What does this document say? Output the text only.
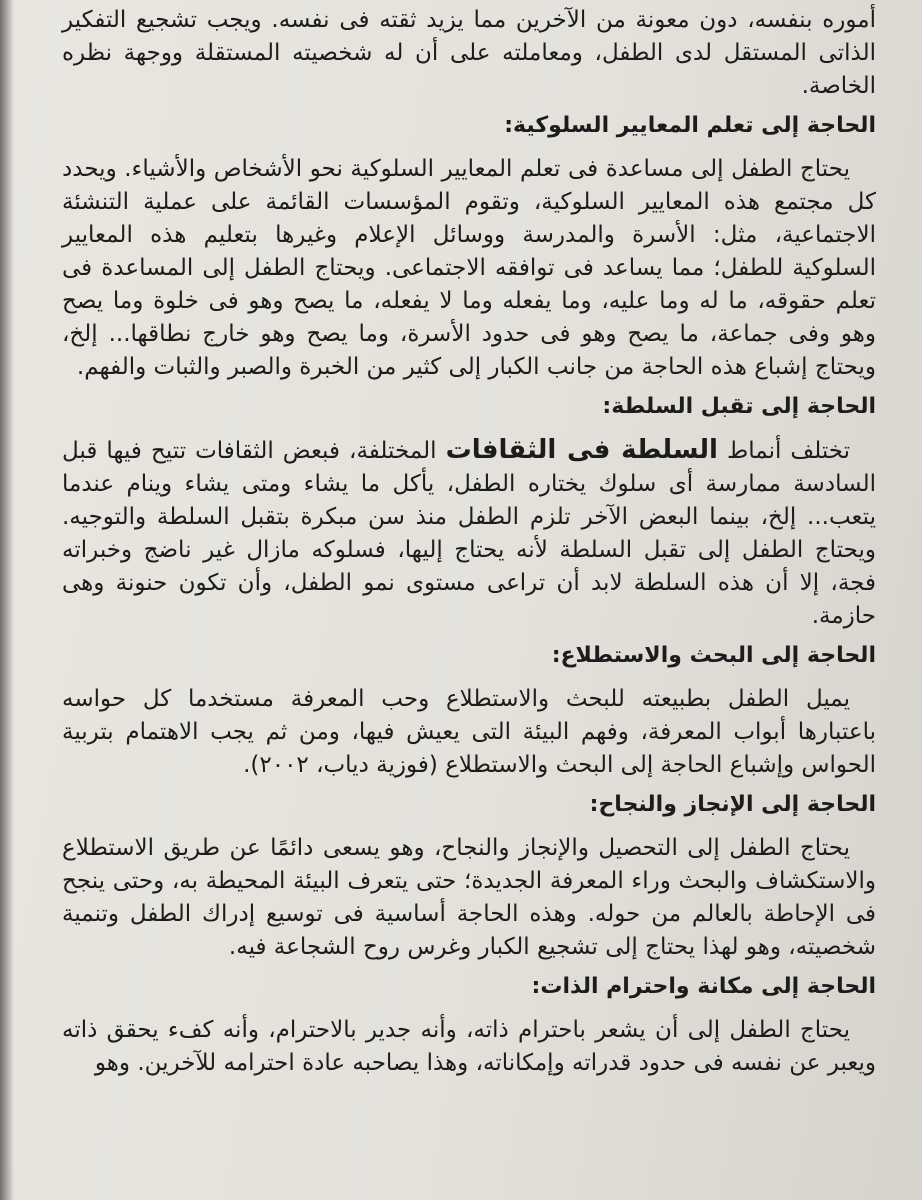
أموره بنفسه، دون معونة من الآخرين مما يزيد ثقته فى نفسه. ويجب تشجيع التفكير الذاتى المستقل لدى الطفل، ومعاملته على أن له شخصيته المستقلة ووجهة نظره الخاصة.

الحاجة إلى تعلم المعايير السلوكية :

يحتاج الطفل إلى مساعدة فى تعلم المعايير السلوكية نحو الأشخاص والأشياء. ويحدد كل مجتمع هذه المعايير السلوكية، وتقوم المؤسسات القائمة على عملية التنشئة الاجتماعية، مثل: الأسرة والمدرسة ووسائل الإعلام وغيرها بتعليم هذه المعايير السلوكية للطفل؛ مما يساعد فى توافقه الاجتماعى. ويحتاج الطفل إلى المساعدة فى تعلم حقوقه، ما له وما عليه، وما يفعله وما لا يفعله، ما يصح وهو فى خلوة وما يصح وهو وفى جماعة، ما يصح وهو فى حدود الأسرة، وما يصح وهو خارج نطاقها... إلخ، ويحتاج إشباع هذه الحاجة من جانب الكبار إلى كثير من الخبرة والصبر والثبات والفهم.

الحاجة إلى تقبل السلطة :

تختلف أنماط السلطة فى الثقافات المختلفة، فبعض الثقافات تتيح فيها قبل السادسة ممارسة أى سلوك يختاره الطفل، يأكل ما يشاء ومتى يشاء وينام عندما يتعب... إلخ، بينما البعض الآخر تلزم الطفل منذ سن مبكرة بتقبل السلطة والتوجيه. ويحتاج الطفل إلى تقبل السلطة لأنه يحتاج إليها، فسلوكه مازال غير ناضج وخبراته فجة، إلا أن هذه السلطة لابد أن تراعى مستوى نمو الطفل، وأن تكون حنونة وهى حازمة.

الحاجة إلى البحث والاستطلاع :

يميل الطفل بطبيعته للبحث والاستطلاع وحب المعرفة مستخدما كل حواسه باعتبارها أبواب المعرفة، وفهم البيئة التى يعيش فيها، ومن ثم يجب الاهتمام بتربية الحواس وإشباع الحاجة إلى البحث والاستطلاع (فوزية دياب، ٢٠٠٢).

الحاجة إلى الإنجاز والنجاح :

يحتاج الطفل إلى التحصيل والإنجاز والنجاح، وهو يسعى دائمًا عن طريق الاستطلاع والاستكشاف والبحث وراء المعرفة الجديدة؛ حتى يتعرف البيئة المحيطة به، وحتى ينجح فى الإحاطة بالعالم من حوله. وهذه الحاجة أساسية فى توسيع إدراك الطفل وتنمية شخصيته، وهو لهذا يحتاج إلى تشجيع الكبار وغرس روح الشجاعة فيه.

الحاجة إلى مكانة واحترام الذات :

يحتاج الطفل إلى أن يشعر باحترام ذاته، وأنه جدير بالاحترام، وأنه كفء يحقق ذاته ويعبر عن نفسه فى حدود قدراته وإمكاناته، وهذا يصاحبه عادة احترامه للآخرين. وهو
